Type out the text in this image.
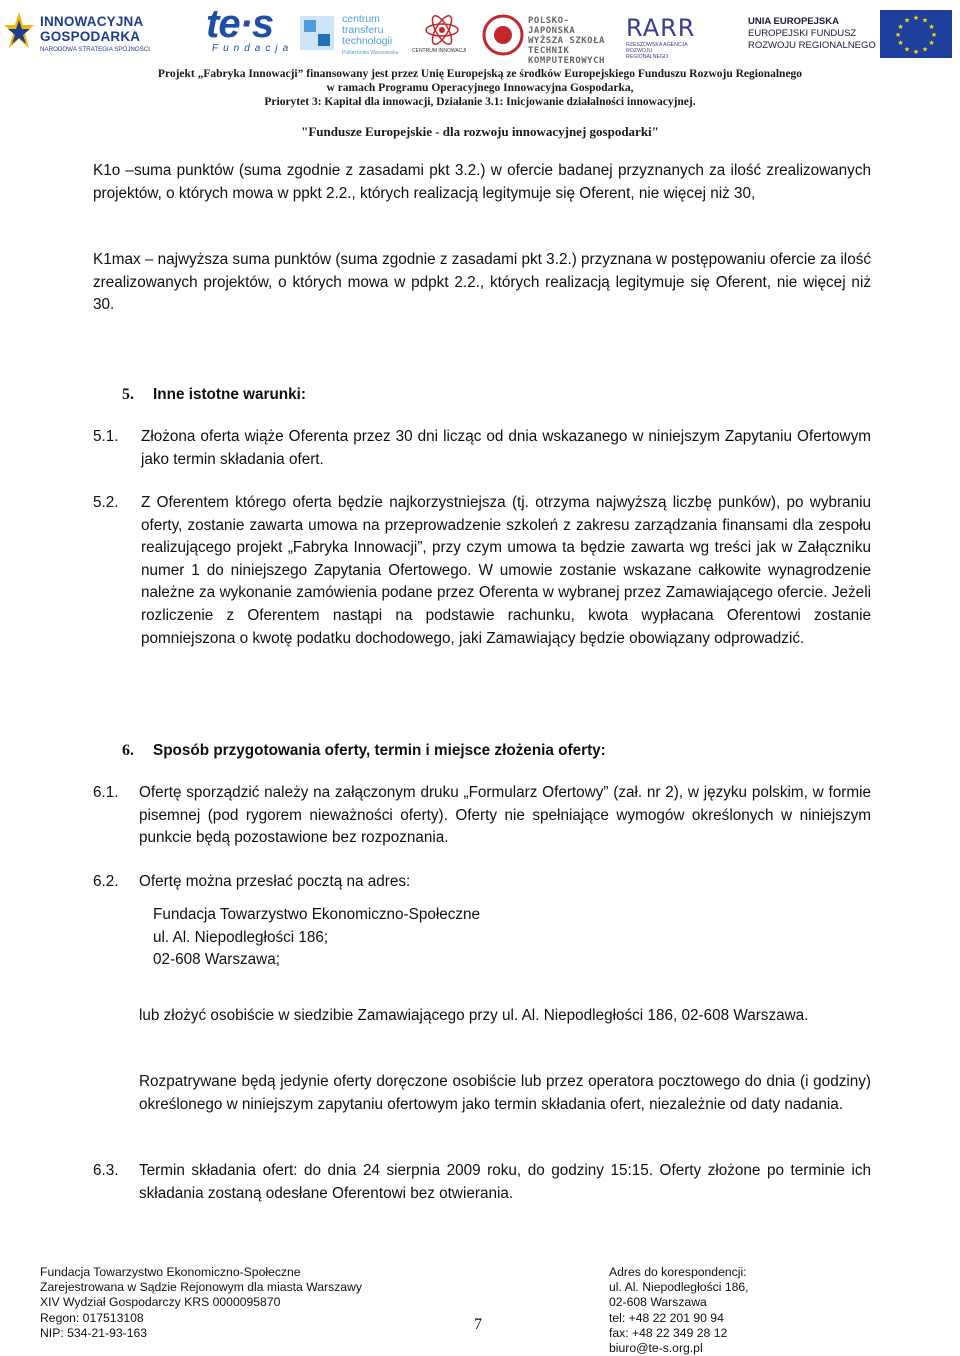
INNOWACYJNA
GOSPODARKA
NARODOWA STRATEGIA SPÓJNOŚCI
te·s
Fundacja
centrum
transferu
technologii
Politechnika Warszawska	CENTRUM INNOWACJI
POLSKO-JAPOŃSKA
WYŻSZA SZKOŁA
TECHNIK
KOMPUTEROWYCH
RARR
RZESZOWSKA AGENCJA
ROZWOJU REGIONALNEGO
UNIA EUROPEJSKA
EUROPEJSKI FUNDUSZ
ROZWOJU REGIONALNEGO
★ ★
★
★
★
★
★
★
★
★
★
★
Projekt „Fabryka Innowacji” finansowany jest przez Unię Europejską ze środków Europejskiego Funduszu Rozwoju Regionalnego
w ramach Programu Operacyjnego Innowacyjna Gospodarka,
Priorytet 3: Kapitał dla innowacji, Działanie 3.1: Inicjowanie działalności innowacyjnej.
"Fundusze Europejskie - dla rozwoju innowacyjnej gospodarki"
K1o –suma punktów (suma zgodnie z zasadami pkt 3.2.) w ofercie badanej przyznanych za ilość zrealizowanych projektów, o których mowa w ppkt 2.2., których realizacją legitymuje się Oferent, nie więcej niż 30,
K1max – najwyższa suma punktów (suma zgodnie z zasadami pkt 3.2.) przyznana w postępowaniu ofercie za ilość zrealizowanych projektów, o których mowa w pdpkt 2.2., których realizacją legitymuje się Oferent, nie więcej niż 30.
5. Inne istotne warunki:
5.1. Złożona oferta wiąże Oferenta przez 30 dni licząc od dnia wskazanego w niniejszym Zapytaniu Ofertowym jako termin składania ofert.
5.2. Z Oferentem którego oferta będzie najkorzystniejsza (tj. otrzyma najwyższą liczbę punków), po wybraniu oferty, zostanie zawarta umowa na przeprowadzenie szkoleń z zakresu zarządzania finansami dla zespołu realizującego projekt „Fabryka Innowacji”, przy czym umowa ta będzie zawarta wg treści jak w Załączniku numer 1 do niniejszego Zapytania Ofertowego. W umowie zostanie wskazane całkowite wynagrodzenie należne za wykonanie zamówienia podane przez Oferenta w wybranej przez Zamawiającego ofercie. Jeżeli rozliczenie z Oferentem nastąpi na podstawie rachunku, kwota wypłacana Oferentowi zostanie pomniejszona o kwotę podatku dochodowego, jaki Zamawiający będzie obowiązany odprowadzić.
6. Sposób przygotowania oferty, termin i miejsce złożenia oferty:
6.1. Ofertę sporządzić należy na załączonym druku „Formularz Ofertowy” (zał. nr 2), w języku polskim, w formie pisemnej (pod rygorem nieważności oferty). Oferty nie spełniające wymogów określonych w niniejszym punkcie będą pozostawione bez rozpoznania.
6.2. Ofertę można przesłać pocztą na adres:
Fundacja Towarzystwo Ekonomiczno-Społeczne
ul. Al. Niepodległości 186;
02-608 Warszawa;
lub złożyć osobiście w siedzibie Zamawiającego przy ul. Al. Niepodległości 186, 02-608 Warszawa.
Rozpatrywane będą jedynie oferty doręczone osobiście lub przez operatora pocztowego do dnia (i godziny) określonego w niniejszym zapytaniu ofertowym jako termin składania ofert, niezależnie od daty nadania.
6.3. Termin składania ofert: do dnia 24 sierpnia 2009 roku, do godziny 15:15. Oferty złożone po terminie ich składania zostaną odesłane Oferentowi bez otwierania.
Fundacja Towarzystwo Ekonomiczno-Społeczne
Zarejestrowana w Sądzie Rejonowym dla miasta Warszawy
XIV Wydział Gospodarczy KRS 0000095870
Regon: 017513108
NIP: 534-21-93-163	7
Adres do korespondencji:
ul. Al. Niepodległości 186,
02-608 Warszawa
tel: +48 22 201 90 94
fax: +48 22 349 28 12
biuro@te-s.org.pl
